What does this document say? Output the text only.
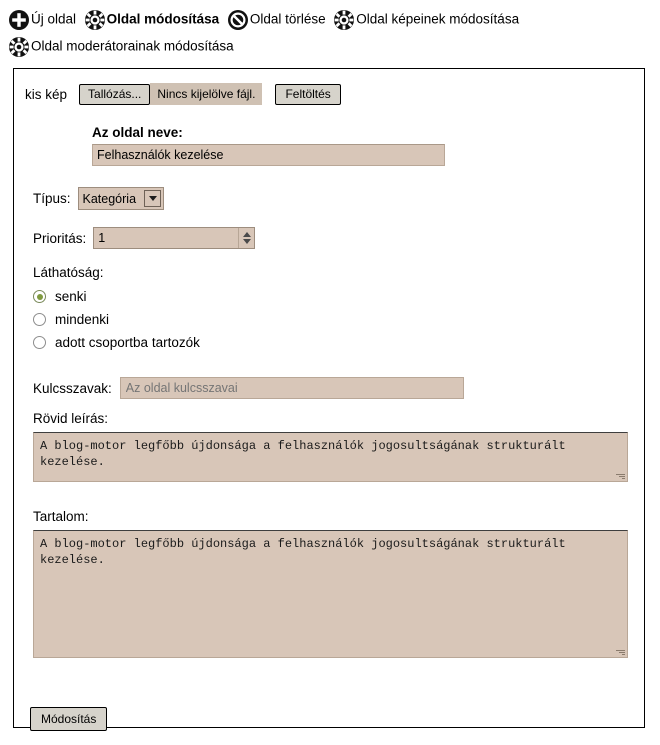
Új oldal Oldal módosítása Oldal törlése Oldal képeinek módosítása
Oldal moderátorainak módosítása
kis kép	Tallózás...	Nincs kijelölve fájl.	Feltöltés
Az oldal neve:
Felhasználók kezelése
Típus: Kategória
Prioritás: 1
Láthatóság:
senki
mindenki
adott csoportba tartozók
Kulcsszavak:
Az oldal kulcsszavai
Rövid leírás:
A blog-motor legfőbb újdonsága a felhasználók jogosultságának strukturált kezelése.
Tartalom:
A blog-motor legfőbb újdonsága a felhasználók jogosultságának strukturált kezelése.
Módosítás
